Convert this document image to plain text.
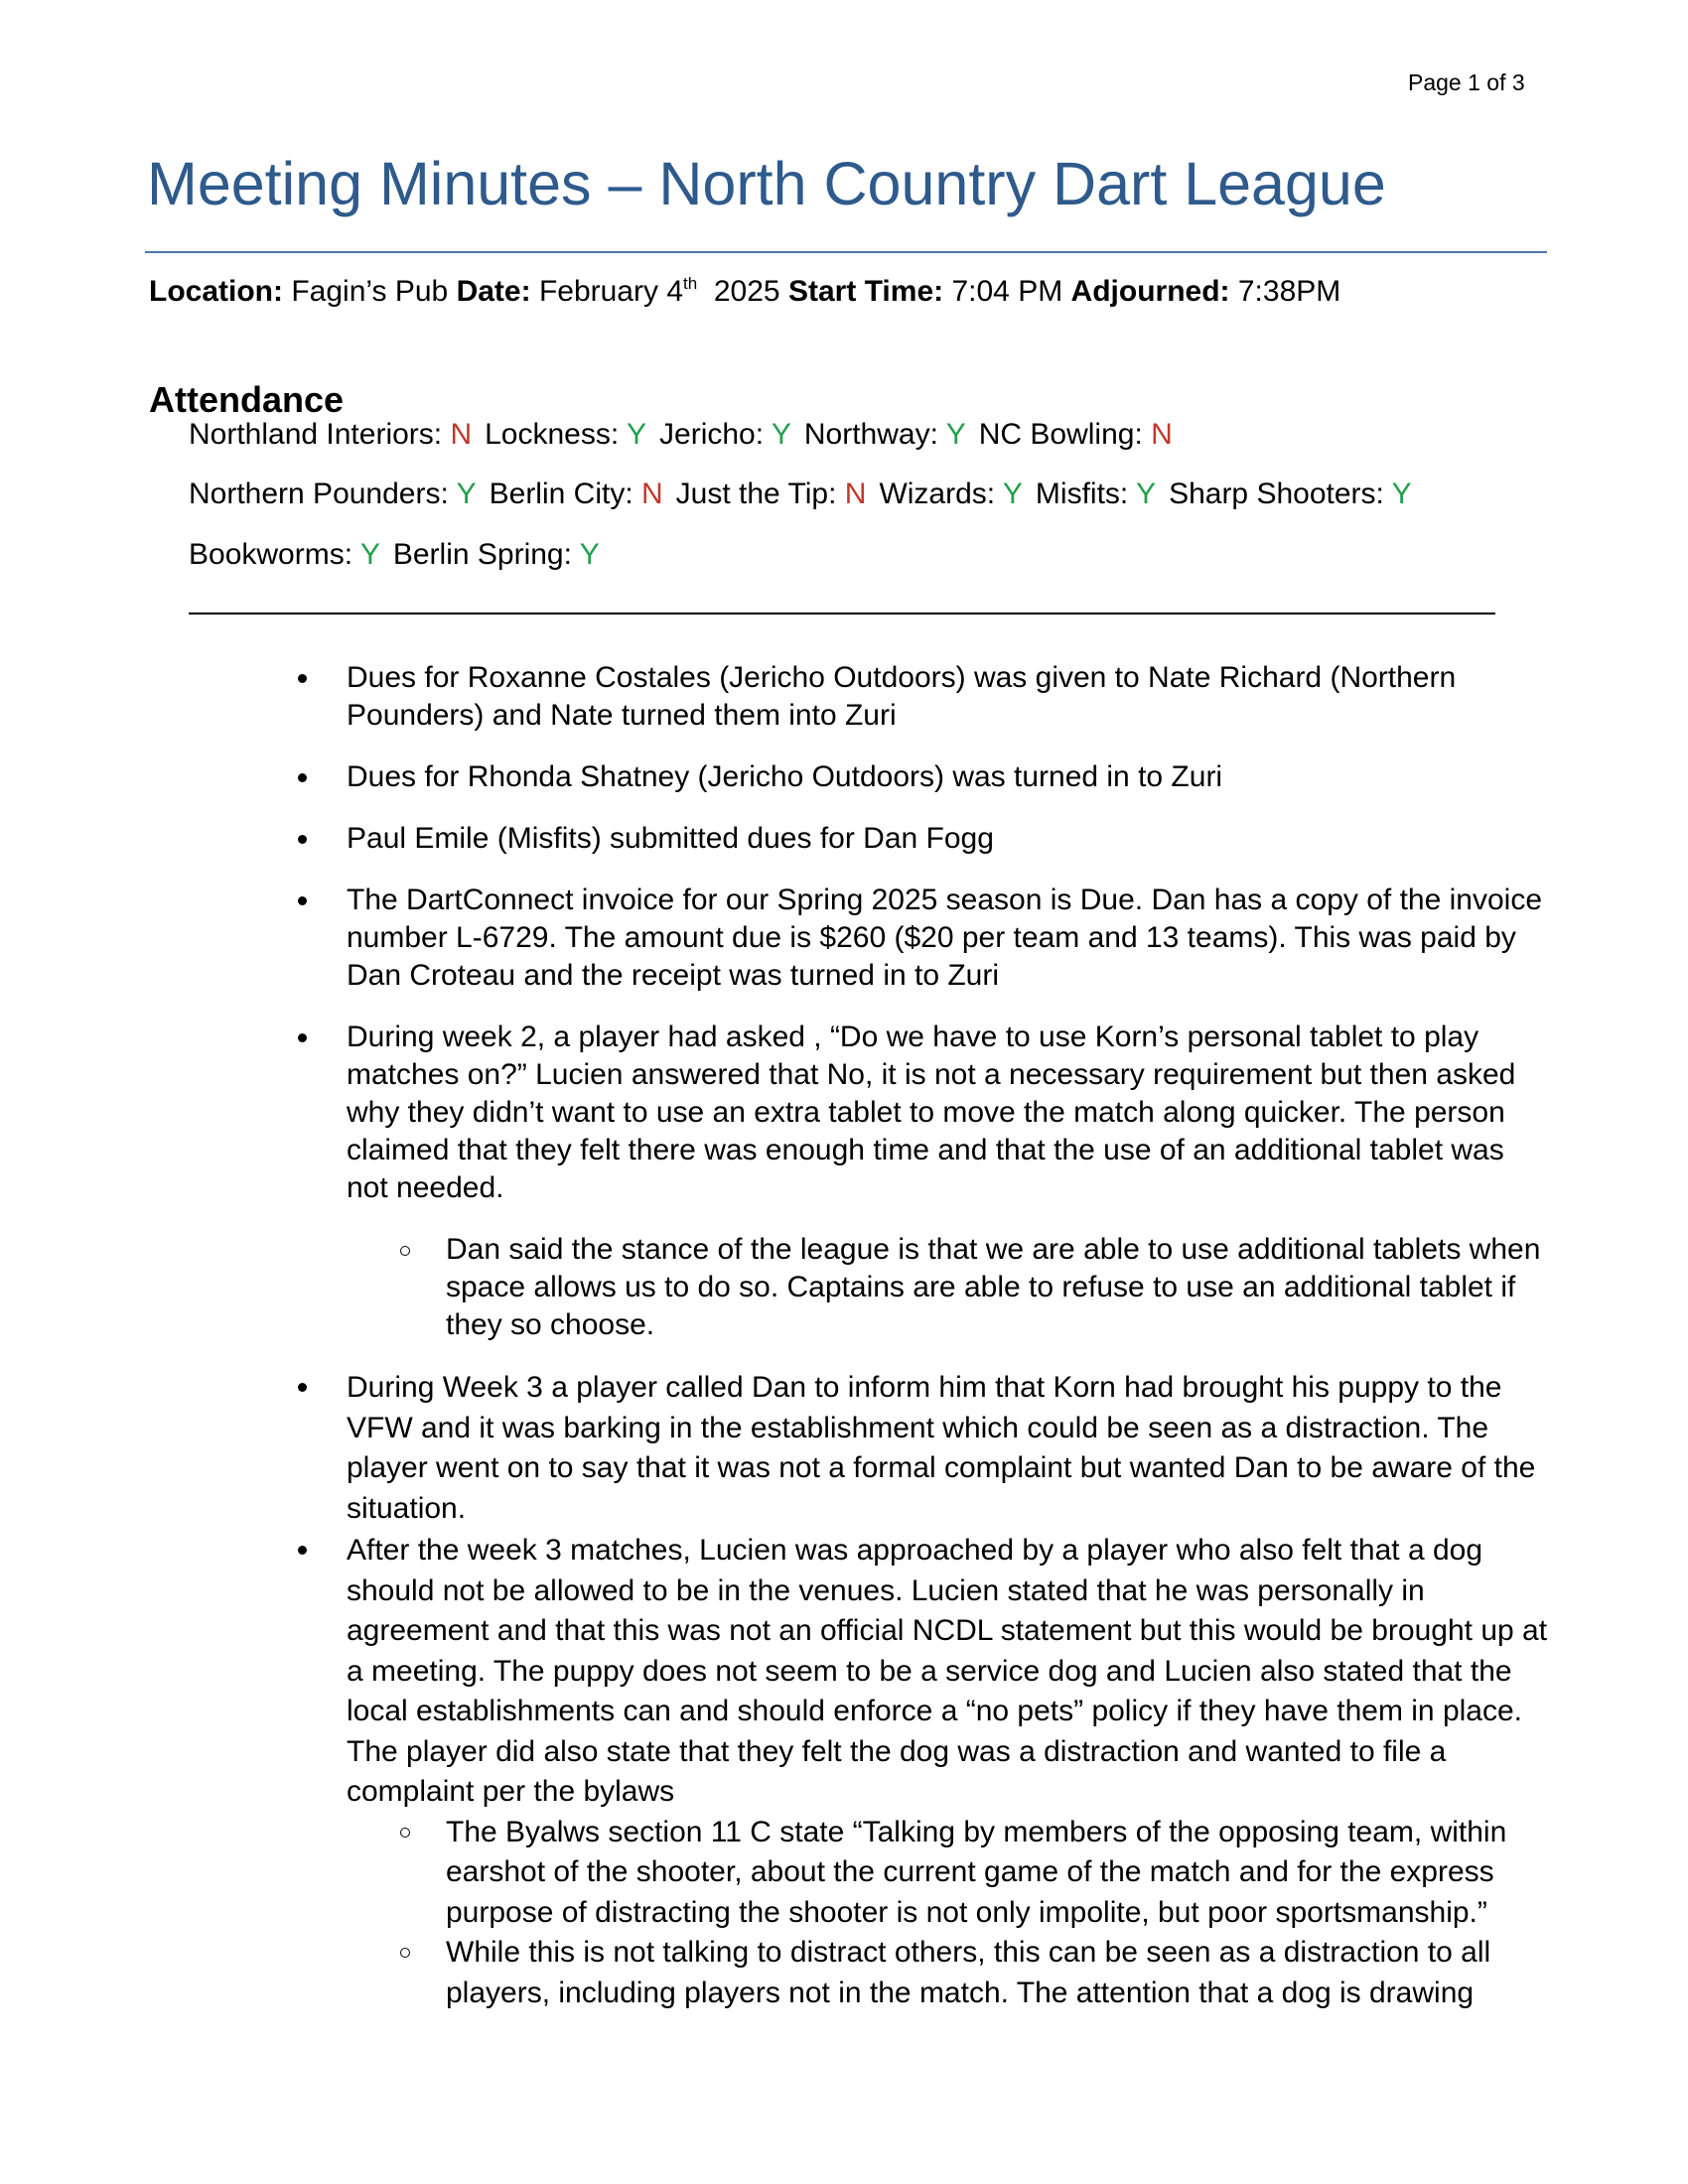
Page 1 of 3
Meeting Minutes – North Country Dart League
Location: Fagin’s Pub Date: February 4th 2025 Start Time: 7:04 PM Adjourned: 7:38PM
Attendance
Northland Interiors: N Lockness: Y Jericho: Y Northway: Y NC Bowling: N
Northern Pounders: Y Berlin City: N Just the Tip: N Wizards: Y Misfits: Y Sharp Shooters: Y
Bookworms: Y Berlin Spring: Y
Dues for Roxanne Costales (Jericho Outdoors) was given to Nate Richard (Northern Pounders) and Nate turned them into Zuri
Dues for Rhonda Shatney (Jericho Outdoors) was turned in to Zuri
Paul Emile (Misfits) submitted dues for Dan Fogg
The DartConnect invoice for our Spring 2025 season is Due. Dan has a copy of the invoice number L-6729. The amount due is $260 ($20 per team and 13 teams). This was paid by Dan Croteau and the receipt was turned in to Zuri
During week 2, a player had asked , “Do we have to use Korn’s personal tablet to play matches on?” Lucien answered that No, it is not a necessary requirement but then asked why they didn’t want to use an extra tablet to move the match along quicker. The person claimed that they felt there was enough time and that the use of an additional tablet was not needed.
Dan said the stance of the league is that we are able to use additional tablets when space allows us to do so. Captains are able to refuse to use an additional tablet if they so choose.
During Week 3 a player called Dan to inform him that Korn had brought his puppy to the VFW and it was barking in the establishment which could be seen as a distraction. The player went on to say that it was not a formal complaint but wanted Dan to be aware of the situation.
After the week 3 matches, Lucien was approached by a player who also felt that a dog should not be allowed to be in the venues. Lucien stated that he was personally in agreement and that this was not an official NCDL statement but this would be brought up at a meeting. The puppy does not seem to be a service dog and Lucien also stated that the local establishments can and should enforce a “no pets” policy if they have them in place. The player did also state that they felt the dog was a distraction and wanted to file a complaint per the bylaws
The Byalws section 11 C state “Talking by members of the opposing team, within earshot of the shooter, about the current game of the match and for the express purpose of distracting the shooter is not only impolite, but poor sportsmanship.”
While this is not talking to distract others, this can be seen as a distraction to all players, including players not in the match. The attention that a dog is drawing
